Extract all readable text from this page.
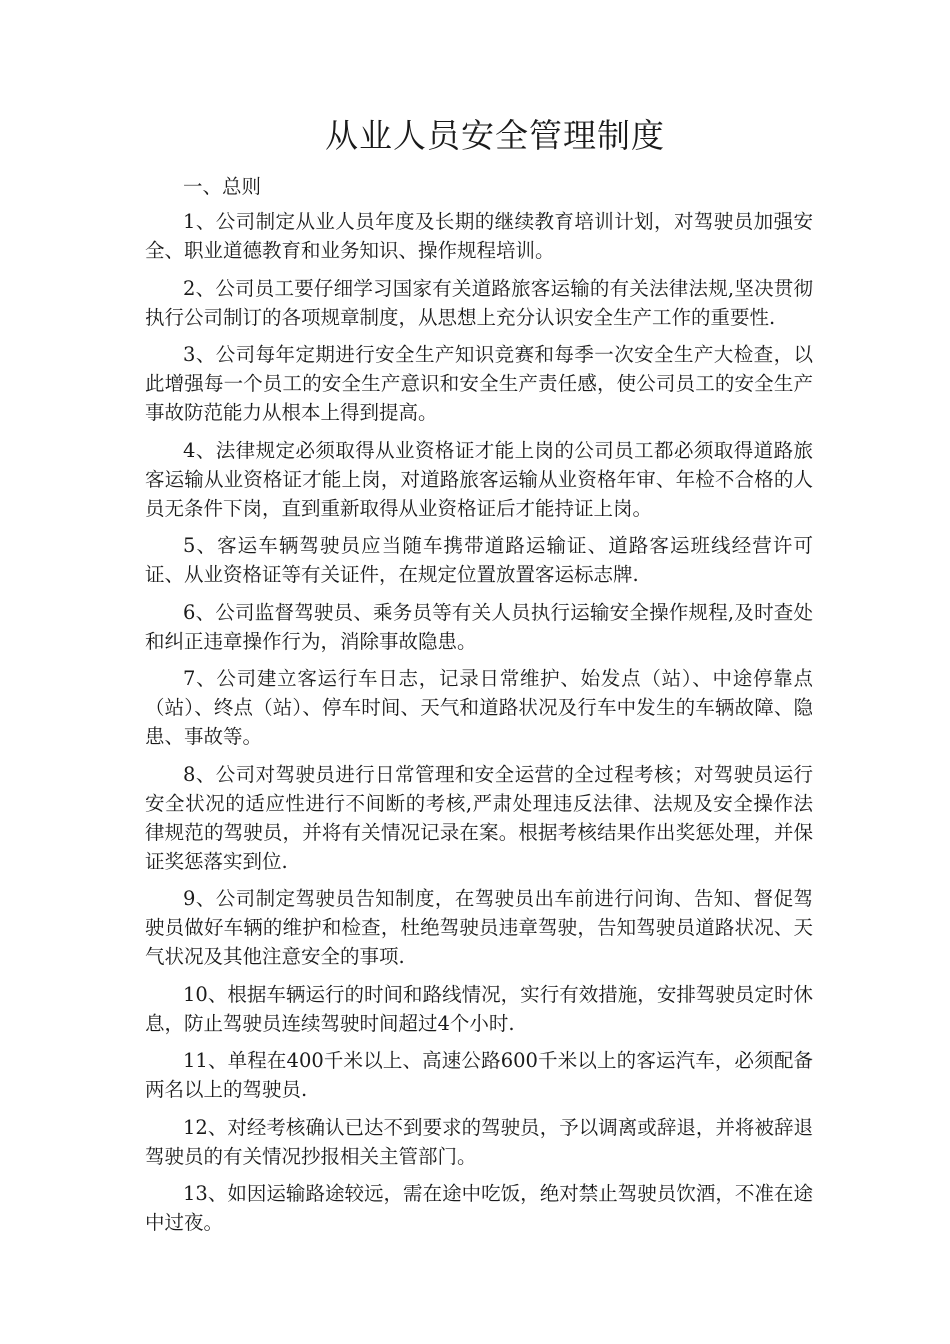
从业人员安全管理制度

一、总则

1、公司制定从业人员年度及长期的继续教育培训计划，对驾驶员加强安全、职业道德教育和业务知识、操作规程培训。

2、公司员工要仔细学习国家有关道路旅客运输的有关法律法规,坚决贯彻执行公司制订的各项规章制度，从思想上充分认识安全生产工作的重要性.

3、公司每年定期进行安全生产知识竞赛和每季一次安全生产大检查，以此增强每一个员工的安全生产意识和安全生产责任感，使公司员工的安全生产事故防范能力从根本上得到提高。

4、法律规定必须取得从业资格证才能上岗的公司员工都必须取得道路旅客运输从业资格证才能上岗，对道路旅客运输从业资格年审、年检不合格的人员无条件下岗，直到重新取得从业资格证后才能持证上岗。

5、客运车辆驾驶员应当随车携带道路运输证、道路客运班线经营许可证、从业资格证等有关证件，在规定位置放置客运标志牌.

6、公司监督驾驶员、乘务员等有关人员执行运输安全操作规程,及时查处和纠正违章操作行为，消除事故隐患。

7、公司建立客运行车日志，记录日常维护、始发点（站）、中途停靠点（站）、终点（站）、停车时间、天气和道路状况及行车中发生的车辆故障、隐患、事故等。

8、公司对驾驶员进行日常管理和安全运营的全过程考核；对驾驶员运行安全状况的适应性进行不间断的考核,严肃处理违反法律、法规及安全操作法律规范的驾驶员，并将有关情况记录在案。根据考核结果作出奖惩处理，并保证奖惩落实到位.

9、公司制定驾驶员告知制度，在驾驶员出车前进行问询、告知、督促驾驶员做好车辆的维护和检查，杜绝驾驶员违章驾驶，告知驾驶员道路状况、天气状况及其他注意安全的事项.

10、根据车辆运行的时间和路线情况，实行有效措施，安排驾驶员定时休息，防止驾驶员连续驾驶时间超过4个小时.

11、单程在400千米以上、高速公路600千米以上的客运汽车，必须配备两名以上的驾驶员.

12、对经考核确认已达不到要求的驾驶员，予以调离或辞退，并将被辞退驾驶员的有关情况抄报相关主管部门。

13、如因运输路途较远，需在途中吃饭，绝对禁止驾驶员饮酒，不准在途中过夜。
